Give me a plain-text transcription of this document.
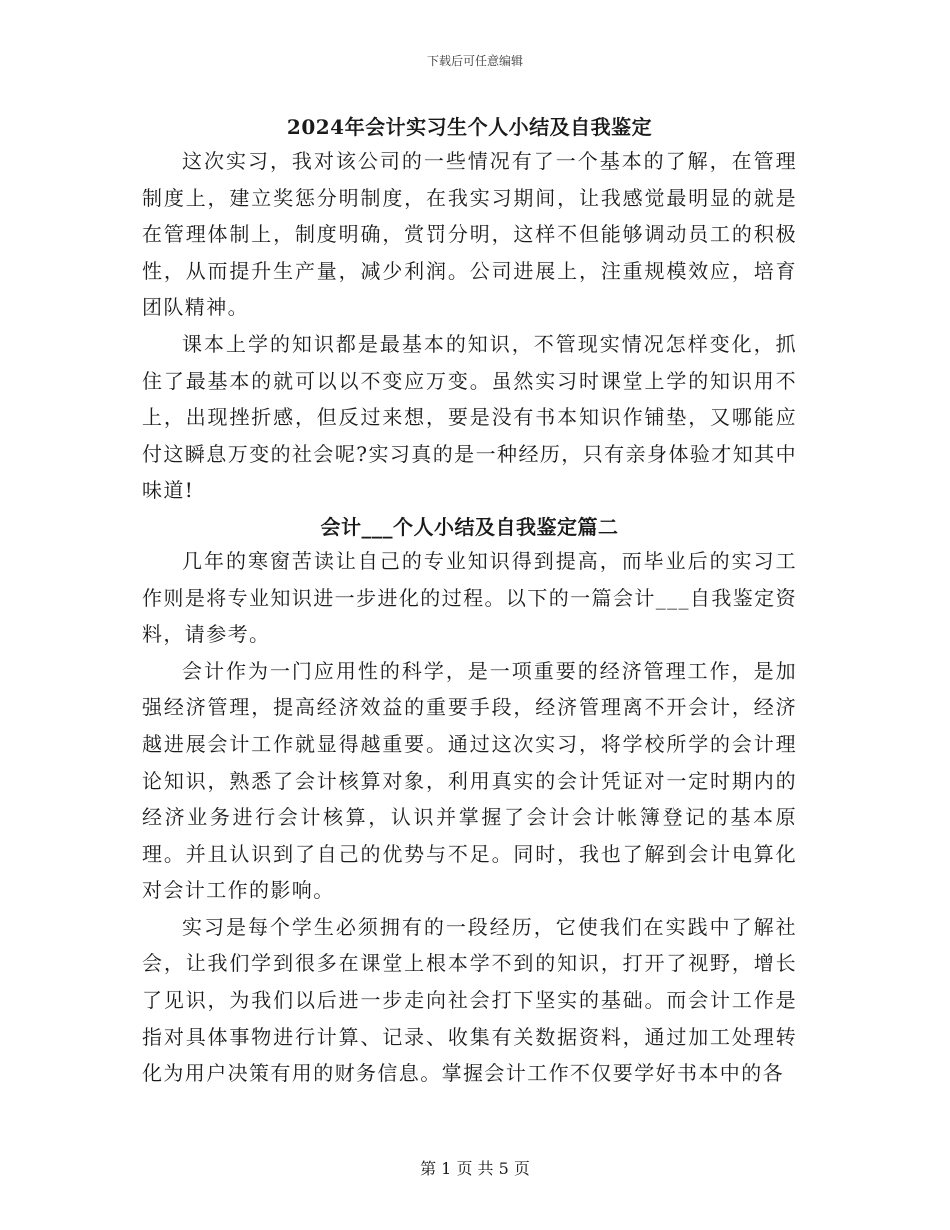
下载后可任意编辑
2024年会计实习生个人小结及自我鉴定

这次实习，我对该公司的一些情况有了一个基本的了解，在管理制度上，建立奖惩分明制度，在我实习期间，让我感觉最明显的就是在管理体制上，制度明确，赏罚分明，这样不但能够调动员工的积极性，从而提升生产量，减少利润。公司进展上，注重规模效应，培育团队精神。

课本上学的知识都是最基本的知识，不管现实情况怎样变化，抓住了最基本的就可以以不变应万变。虽然实习时课堂上学的知识用不上，出现挫折感，但反过来想，要是没有书本知识作铺垫，又哪能应付这瞬息万变的社会呢?实习真的是一种经历，只有亲身体验才知其中味道!

会计___个人小结及自我鉴定篇二

几年的寒窗苦读让自己的专业知识得到提高，而毕业后的实习工作则是将专业知识进一步进化的过程。以下的一篇会计___自我鉴定资料，请参考。

会计作为一门应用性的科学，是一项重要的经济管理工作，是加强经济管理，提高经济效益的重要手段，经济管理离不开会计，经济越进展会计工作就显得越重要。通过这次实习，将学校所学的会计理论知识，熟悉了会计核算对象，利用真实的会计凭证对一定时期内的经济业务进行会计核算，认识并掌握了会计会计帐簿登记的基本原理。并且认识到了自己的优势与不足。同时，我也了解到会计电算化对会计工作的影响。

实习是每个学生必须拥有的一段经历，它使我们在实践中了解社会，让我们学到很多在课堂上根本学不到的知识，打开了视野，增长了见识，为我们以后进一步走向社会打下坚实的基础。而会计工作是指对具体事物进行计算、记录、收集有关数据资料，通过加工处理转化为用户决策有用的财务信息。掌握会计工作不仅要学好书本中的各

第 1 页 共 5 页
